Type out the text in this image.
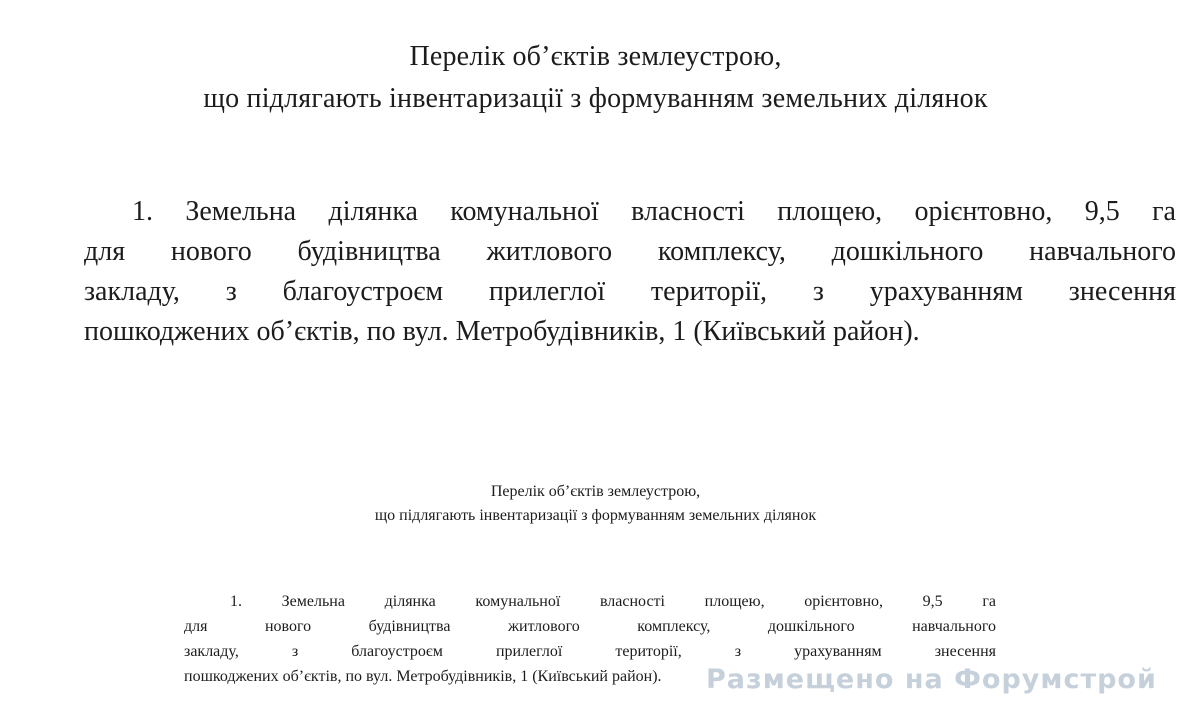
Перелік об’єктів землеустрою,
що підлягають інвентаризації з формуванням земельних ділянок
1. Земельна ділянка комунальної власності площею, орієнтовно, 9,5 га
для нового будівництва житлового комплексу, дошкільного навчального
закладу, з благоустроєм прилеглої території, з урахуванням знесення
пошкоджених об’єктів, по вул. Метробудівників, 1 (Київський район).
Перелік об’єктів землеустрою,
що підлягають інвентаризації з формуванням земельних ділянок
1. Земельна ділянка комунальної власності площею, орієнтовно, 9,5 га
для нового будівництва житлового комплексу, дошкільного навчального
закладу, з благоустроєм прилеглої території, з урахуванням знесення
пошкоджених об’єктів, по вул. Метробудівників, 1 (Київський район).	Размещено на Форумстрой
